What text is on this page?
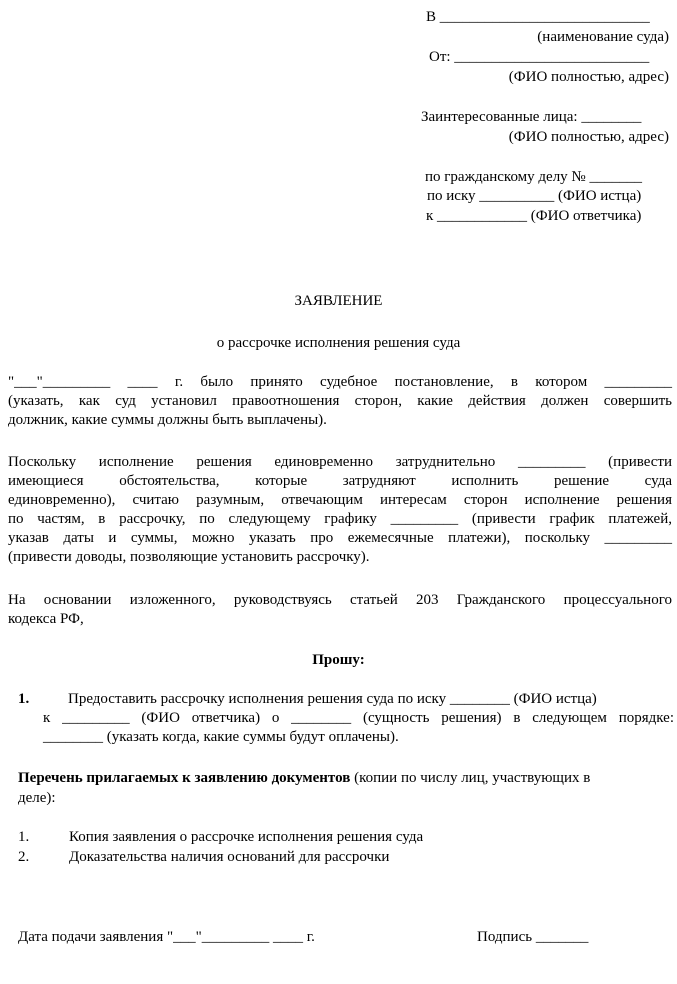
В ____________________________
(наименование суда)
От: __________________________
(ФИО полностью, адрес)
Заинтересованные лица: ________
(ФИО полностью, адрес)
по гражданскому делу № _______
по иску __________ (ФИО истца)
к ____________ (ФИО ответчика)
ЗАЯВЛЕНИЕ
о рассрочке исполнения решения суда
"___"_________ ____ г. было принято судебное постановление, в котором _________
(указать, как суд установил правоотношения сторон, какие действия должен совершить
должник, какие суммы должны быть выплачены).
Поскольку исполнение решения единовременно затруднительно _________ (привести
имеющиеся обстоятельства, которые затрудняют исполнить решение суда
единовременно), считаю разумным, отвечающим интересам сторон исполнение решения
по частям, в рассрочку, по следующему графику _________ (привести график платежей,
указав даты и суммы, можно указать про ежемесячные платежи), поскольку _________
(привести доводы, позволяющие установить рассрочку).
На основании изложенного, руководствуясь статьей 203 Гражданского процессуального
кодекса РФ,
Прошу:
1.	Предоставить рассрочку исполнения решения суда по иску ________ (ФИО истца)
к _________ (ФИО ответчика) о ________ (сущность решения) в следующем порядке:
________ (указать когда, какие суммы будут оплачены).
Перечень прилагаемых к заявлению документов (копии по числу лиц, участвующих в
деле):
1.	Копия заявления о рассрочке исполнения решения суда
2.	Доказательства наличия оснований для рассрочки
Дата подачи заявления "___"_________ ____ г.	Подпись _______
